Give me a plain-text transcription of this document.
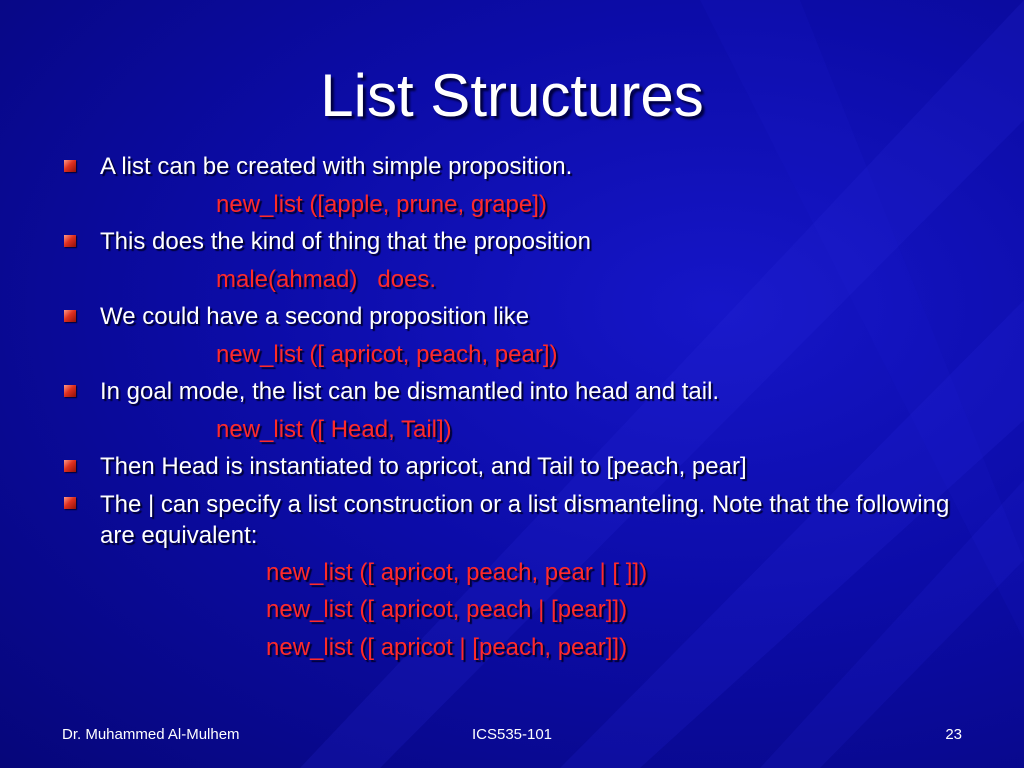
List Structures
A list can be created with simple proposition.
new_list ([apple, prune, grape])
This does the kind of thing that the proposition
male(ahmad)   does.
We could have a second proposition like
new_list ([ apricot, peach, pear])
In goal mode, the list can be dismantled into head and tail.
new_list ([ Head, Tail])
Then Head is instantiated to apricot, and Tail to [peach, pear]
The | can specify a list construction or a list dismanteling. Note that the following are equivalent:
new_list ([ apricot, peach, pear | [ ]])
new_list ([ apricot, peach | [pear]])
new_list ([ apricot | [peach, pear]])
Dr. Muhammed Al-Mulhem	ICS535-101	23
